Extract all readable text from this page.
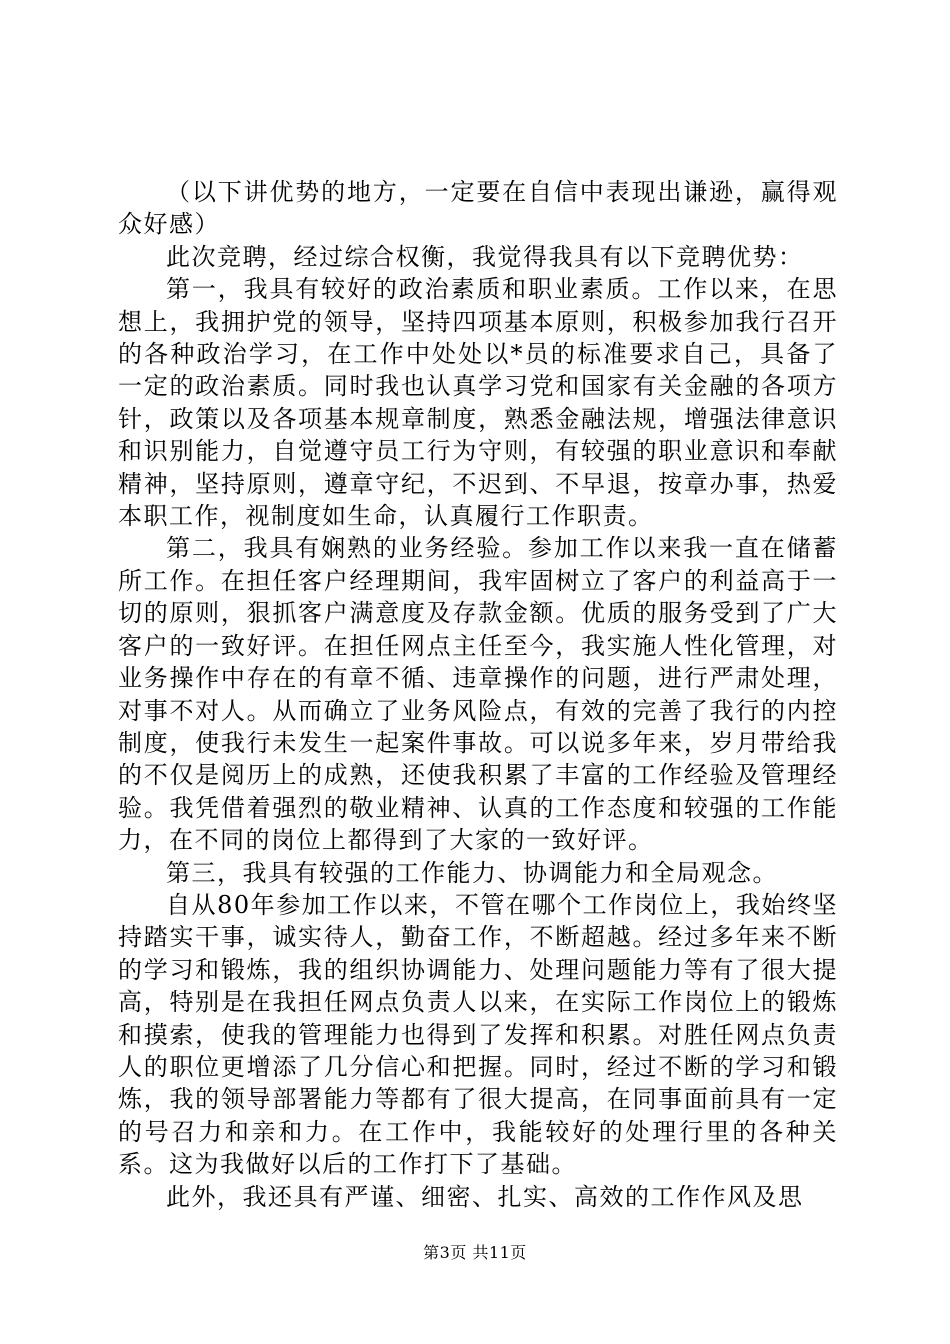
（以下讲优势的地方，一定要在自信中表现出谦逊，赢得观众好感）

此次竞聘，经过综合权衡，我觉得我具有以下竞聘优势：

第一，我具有较好的政治素质和职业素质。工作以来，在思想上，我拥护党的领导，坚持四项基本原则，积极参加我行召开的各种政治学习，在工作中处处以*员的标准要求自己，具备了一定的政治素质。同时我也认真学习党和国家有关金融的各项方针，政策以及各项基本规章制度，熟悉金融法规，增强法律意识和识别能力，自觉遵守员工行为守则，有较强的职业意识和奉献精神，坚持原则，遵章守纪，不迟到、不早退，按章办事，热爱本职工作，视制度如生命，认真履行工作职责。

第二，我具有娴熟的业务经验。参加工作以来我一直在储蓄所工作。在担任客户经理期间，我牢固树立了客户的利益高于一切的原则，狠抓客户满意度及存款金额。优质的服务受到了广大客户的一致好评。在担任网点主任至今，我实施人性化管理，对业务操作中存在的有章不循、违章操作的问题，进行严肃处理，对事不对人。从而确立了业务风险点，有效的完善了我行的内控制度，使我行未发生一起案件事故。可以说多年来，岁月带给我的不仅是阅历上的成熟，还使我积累了丰富的工作经验及管理经验。我凭借着强烈的敬业精神、认真的工作态度和较强的工作能力，在不同的岗位上都得到了大家的一致好评。

第三，我具有较强的工作能力、协调能力和全局观念。

自从80年参加工作以来，不管在哪个工作岗位上，我始终坚持踏实干事，诚实待人，勤奋工作，不断超越。经过多年来不断的学习和锻炼，我的组织协调能力、处理问题能力等有了很大提高，特别是在我担任网点负责人以来，在实际工作岗位上的锻炼和摸索，使我的管理能力也得到了发挥和积累。对胜任网点负责人的职位更增添了几分信心和把握。同时，经过不断的学习和锻炼，我的领导部署能力等都有了很大提高，在同事面前具有一定的号召力和亲和力。在工作中，我能较好的处理行里的各种关系。这为我做好以后的工作打下了基础。

此外，我还具有严谨、细密、扎实、高效的工作作风及思

第3页 共11页
